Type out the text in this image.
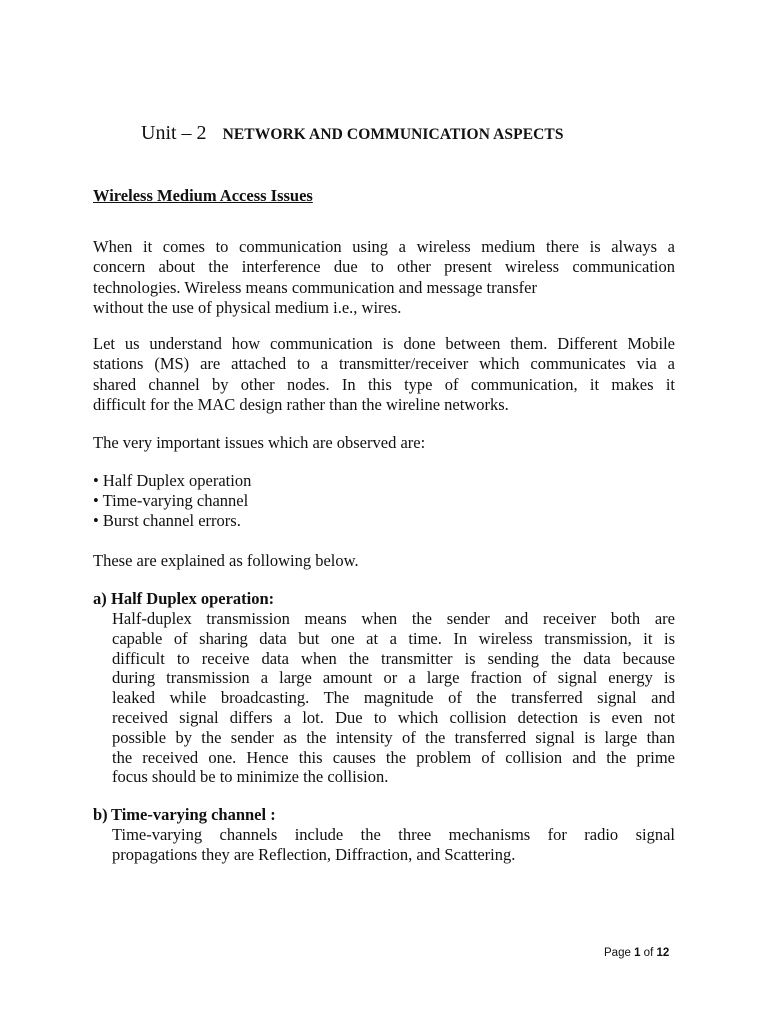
Unit – 2 NETWORK AND COMMUNICATION ASPECTS
Wireless Medium Access Issues

When it comes to communication using a wireless medium there is always a
concern about the interference due to other present wireless communication
technologies. Wireless means communication and message transfer
without the use of physical medium i.e., wires.

Let us understand how communication is done between them. Different Mobile
stations (MS) are attached to a transmitter/receiver which communicates via a
shared channel by other nodes. In this type of communication, it makes it
difficult for the MAC design rather than the wireline networks.

The very important issues which are observed are:

• Half Duplex operation
• Time-varying channel
• Burst channel errors.

These are explained as following below.

a) Half Duplex operation:

Half-duplex transmission means when the sender and receiver both are
capable of sharing data but one at a time. In wireless transmission, it is
difficult to receive data when the transmitter is sending the data because
during transmission a large amount or a large fraction of signal energy is
leaked while broadcasting. The magnitude of the transferred signal and
received signal differs a lot. Due to which collision detection is even not
possible by the sender as the intensity of the transferred signal is large than
the received one. Hence this causes the problem of collision and the prime
focus should be to minimize the collision.

b) Time-varying channel :

Time-varying channels include the three mechanisms for radio signal
propagations they are Reflection, Diffraction, and Scattering.

Page 1 of 12
